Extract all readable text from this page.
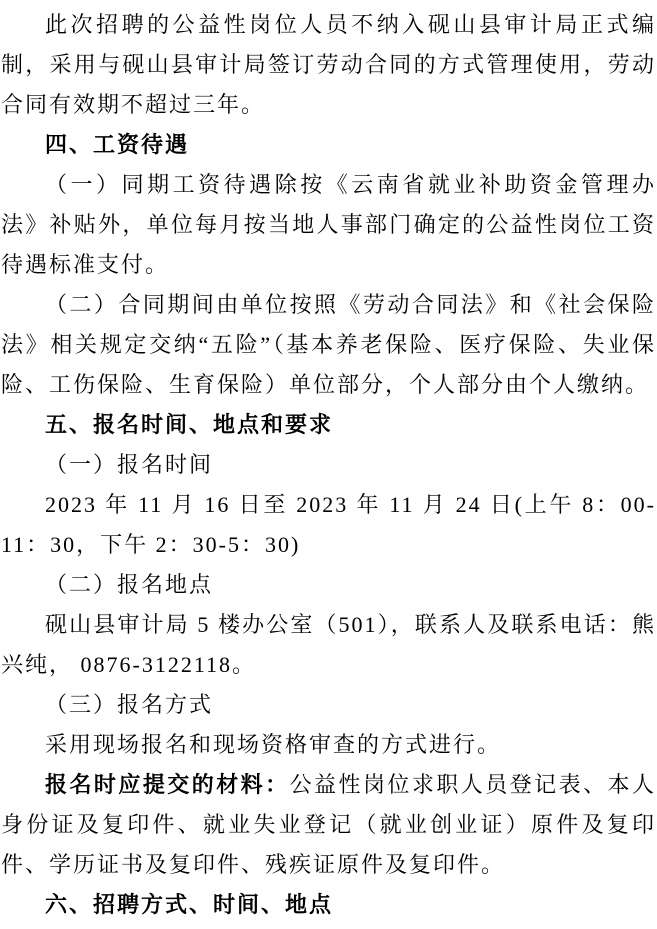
此次招聘的公益性岗位人员不纳入砚山县审计局正式编制，采用与砚山县审计局签订劳动合同的方式管理使用，劳动合同有效期不超过三年。

四、工资待遇

（一）同期工资待遇除按《云南省就业补助资金管理办法》补贴外，单位每月按当地人事部门确定的公益性岗位工资待遇标准支付。

（二）合同期间由单位按照《劳动合同法》和《社会保险法》相关规定交纳“五险”（基本养老保险、医疗保险、失业保险、工伤保险、生育保险）单位部分，个人部分由个人缴纳。

五、报名时间、地点和要求

（一）报名时间

2023 年 11 月 16 日至 2023 年 11 月 24 日(上午 8：00-11：30，下午 2：30-5：30)

（二）报名地点

砚山县审计局 5 楼办公室（501），联系人及联系电话：熊兴纯， 0876-3122118。

（三）报名方式

采用现场报名和现场资格审查的方式进行。

报名时应提交的材料：公益性岗位求职人员登记表、本人身份证及复印件、就业失业登记（就业创业证）原件及复印件、学历证书及复印件、残疾证原件及复印件。

六、招聘方式、时间、地点
